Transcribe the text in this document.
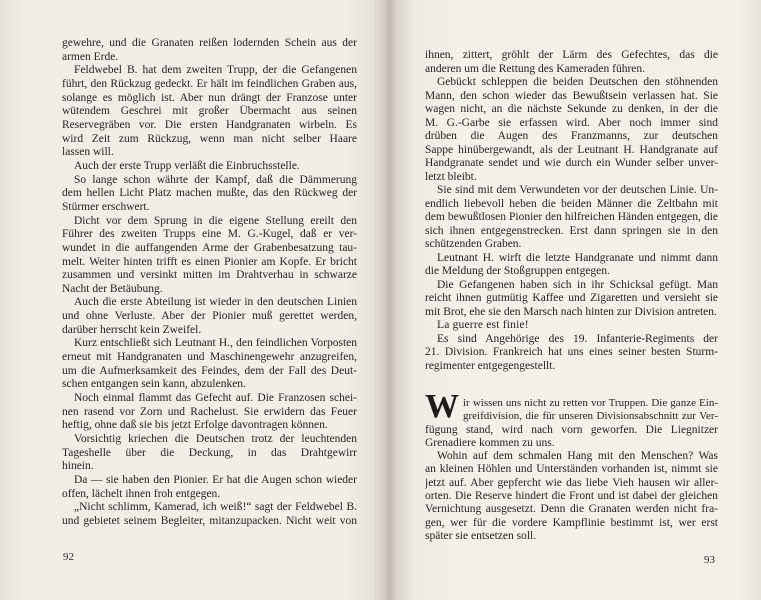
gewehre, und die Granaten reißen lodernden Schein aus der
armen Erde.
Feldwebel B. hat dem zweiten Trupp, der die Gefangenen
führt, den Rückzug gedeckt. Er hält im feindlichen Graben aus,
solange es möglich ist. Aber nun drängt der Franzose unter
wütendem Geschrei mit großer Übermacht aus seinen
Reservegräben vor. Die ersten Handgranaten wirbeln. Es
wird Zeit zum Rückzug, wenn man nicht selber Haare
lassen will.
Auch der erste Trupp verläßt die Einbruchsstelle.
So lange schon währte der Kampf, daß die Dämmerung
dem hellen Licht Platz machen mußte, das den Rückweg der
Stürmer erschwert.
Dicht vor dem Sprung in die eigene Stellung ereilt den
Führer des zweiten Trupps eine M. G.-Kugel, daß er ver-
wundet in die auffangenden Arme der Grabenbesatzung tau-
melt. Weiter hinten trifft es einen Pionier am Kopfe. Er bricht
zusammen und versinkt mitten im Drahtverhau in schwarze
Nacht der Betäubung.
Auch die erste Abteilung ist wieder in den deutschen Linien
und ohne Verluste. Aber der Pionier muß gerettet werden,
darüber herrscht kein Zweifel.
Kurz entschließt sich Leutnant H., den feindlichen Vorposten
erneut mit Handgranaten und Maschinengewehr anzugreifen,
um die Aufmerksamkeit des Feindes, dem der Fall des Deut-
schen entgangen sein kann, abzulenken.
Noch einmal flammt das Gefecht auf. Die Franzosen schei-
nen rasend vor Zorn und Rachelust. Sie erwidern das Feuer
heftig, ohne daß sie bis jetzt Erfolge davontragen können.
Vorsichtig kriechen die Deutschen trotz der leuchtenden
Tageshelle über die Deckung, in das Drahtgewirr
hinein.
Da — sie haben den Pionier. Er hat die Augen schon wieder
offen, lächelt ihnen froh entgegen.
„Nicht schlimm, Kamerad, ich weiß!“ sagt der Feldwebel B.
und gebietet seinem Begleiter, mitanzupacken. Nicht weit von
92
ihnen, zittert, gröhlt der Lärm des Gefechtes, das die
anderen um die Rettung des Kameraden führen.
Gebückt schleppen die beiden Deutschen den stöhnenden
Mann, den schon wieder das Bewußtsein verlassen hat. Sie
wagen nicht, an die nächste Sekunde zu denken, in der die
M. G.-Garbe sie erfassen wird. Aber noch immer sind
drüben die Augen des Franzmanns, zur deutschen
Sappe hinübergewandt, als der Leutnant H. Handgranate auf
Handgranate sendet und wie durch ein Wunder selber unver-
letzt bleibt.
Sie sind mit dem Verwundeten vor der deutschen Linie. Un-
endlich liebevoll heben die beiden Männer die Zeltbahn mit
dem bewußtlosen Pionier den hilfreichen Händen entgegen, die
sich ihnen entgegenstrecken. Erst dann springen sie in den
schützenden Graben.
Leutnant H. wirft die letzte Handgranate und nimmt dann
die Meldung der Stoßgruppen entgegen.
Die Gefangenen haben sich in ihr Schicksal gefügt. Man
reicht ihnen gutmütig Kaffee und Zigaretten und versieht sie
mit Brot, ehe sie den Marsch nach hinten zur Division antreten.
La guerre est finie!
Es sind Angehörige des 19. Infanterie-Regiments der
21. Division. Frankreich hat uns eines seiner besten Sturm-
regimenter entgegengestellt.
W ir wissen uns nicht zu retten vor Truppen. Die ganze Ein-
greifdivision, die für unseren Divisionsabschnitt zur Ver-
fügung stand, wird nach vorn geworfen. Die Liegnitzer
Grenadiere kommen zu uns.
Wohin auf dem schmalen Hang mit den Menschen? Was
an kleinen Höhlen und Unterständen vorhanden ist, nimmt sie
jetzt auf. Aber gepfercht wie das liebe Vieh hausen wir aller-
orten. Die Reserve hindert die Front und ist dabei der gleichen
Vernichtung ausgesetzt. Denn die Granaten werden nicht fra-
gen, wer für die vordere Kampflinie bestimmt ist, wer erst
später sie entsetzen soll.
93
